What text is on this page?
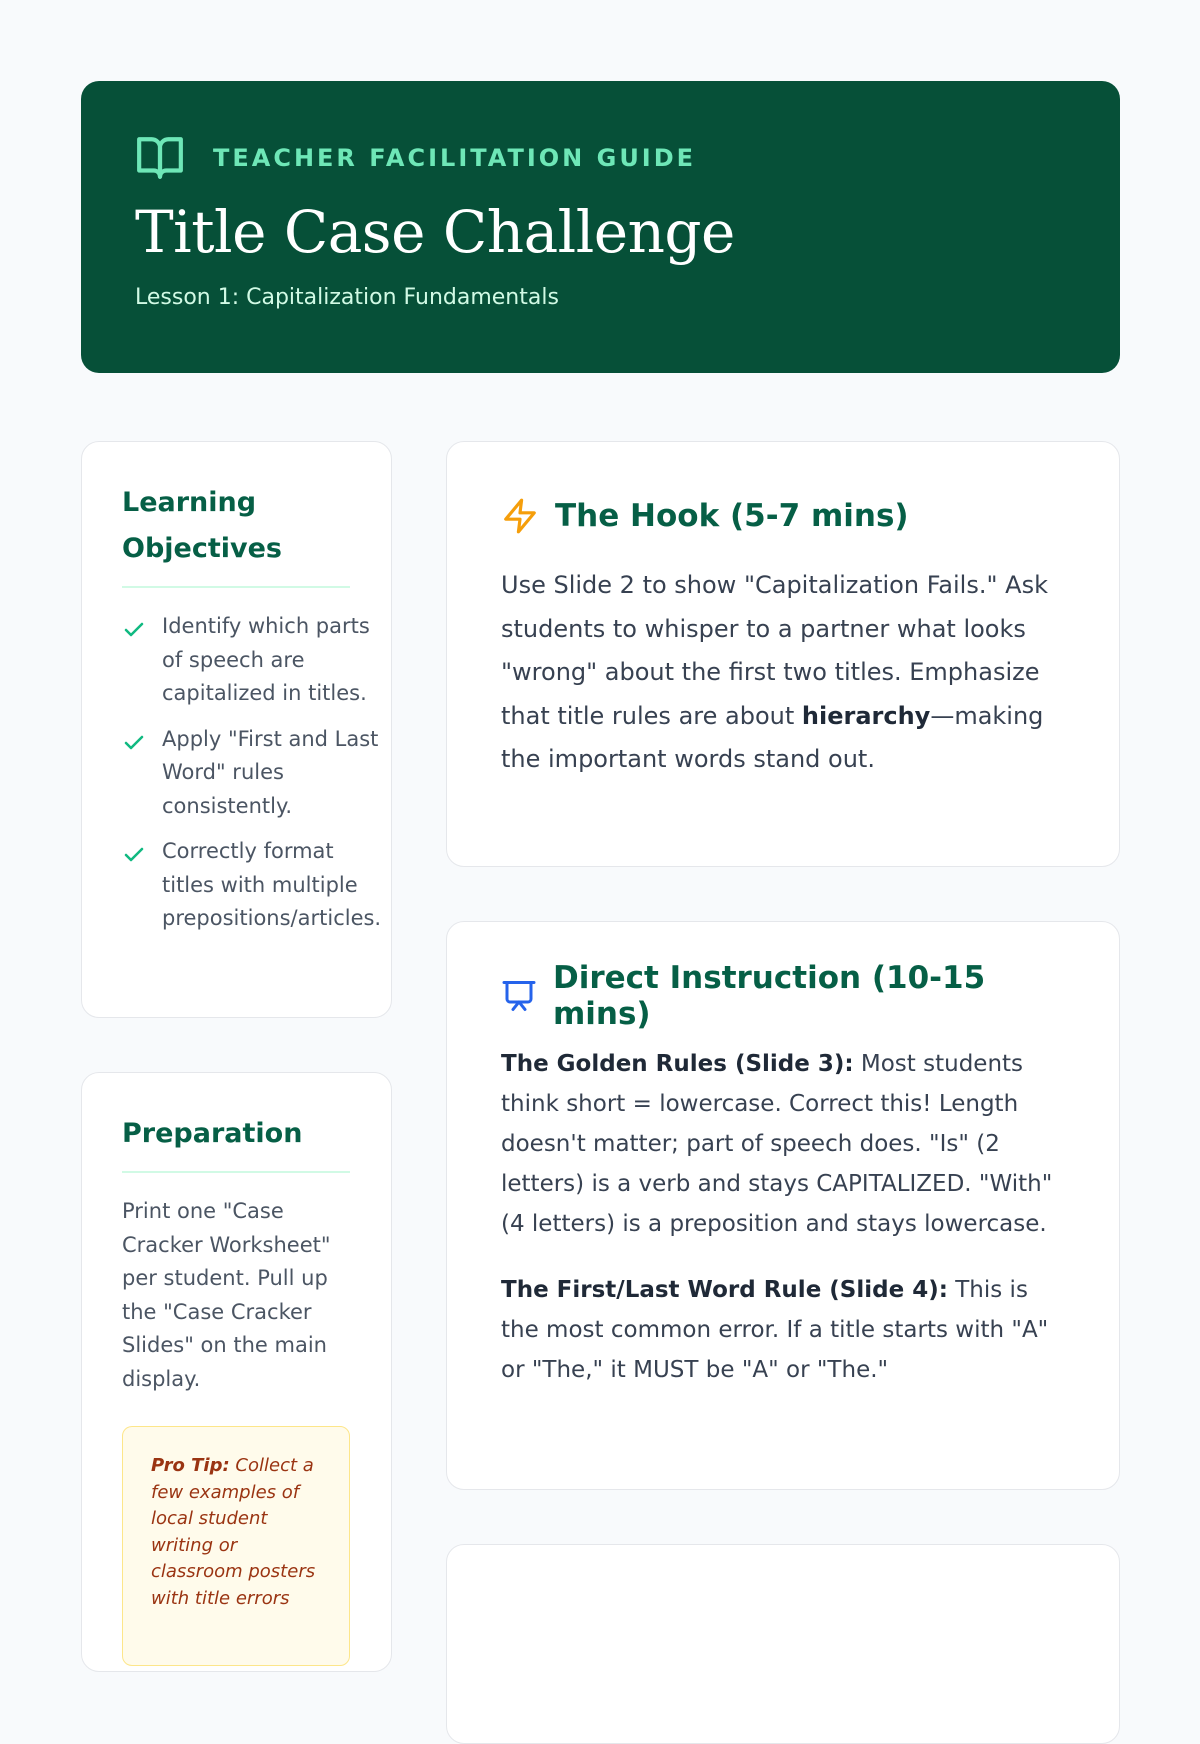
TEACHER FACILITATION GUIDE
Title Case Challenge
Lesson 1: Capitalization Fundamentals
Learning Objectives
Identify which parts of speech are capitalized in titles.
Apply "First and Last Word" rules consistently.
Correctly format titles with multiple prepositions/articles.
Preparation
Print one "Case Cracker Worksheet" per student. Pull up the "Case Cracker Slides" on the main display.
Pro Tip: Collect a few examples of local student writing or classroom posters with title errors
The Hook (5-7 mins)
Use Slide 2 to show "Capitalization Fails." Ask students to whisper to a partner what looks "wrong" about the first two titles. Emphasize that title rules are about hierarchy—making the important words stand out.
Direct Instruction (10-15 mins)
The Golden Rules (Slide 3): Most students think short = lowercase. Correct this! Length doesn't matter; part of speech does. "Is" (2 letters) is a verb and stays CAPITALIZED. "With" (4 letters) is a preposition and stays lowercase.
The First/Last Word Rule (Slide 4): This is the most common error. If a title starts with "A" or "The," it MUST be "A" or "The."
